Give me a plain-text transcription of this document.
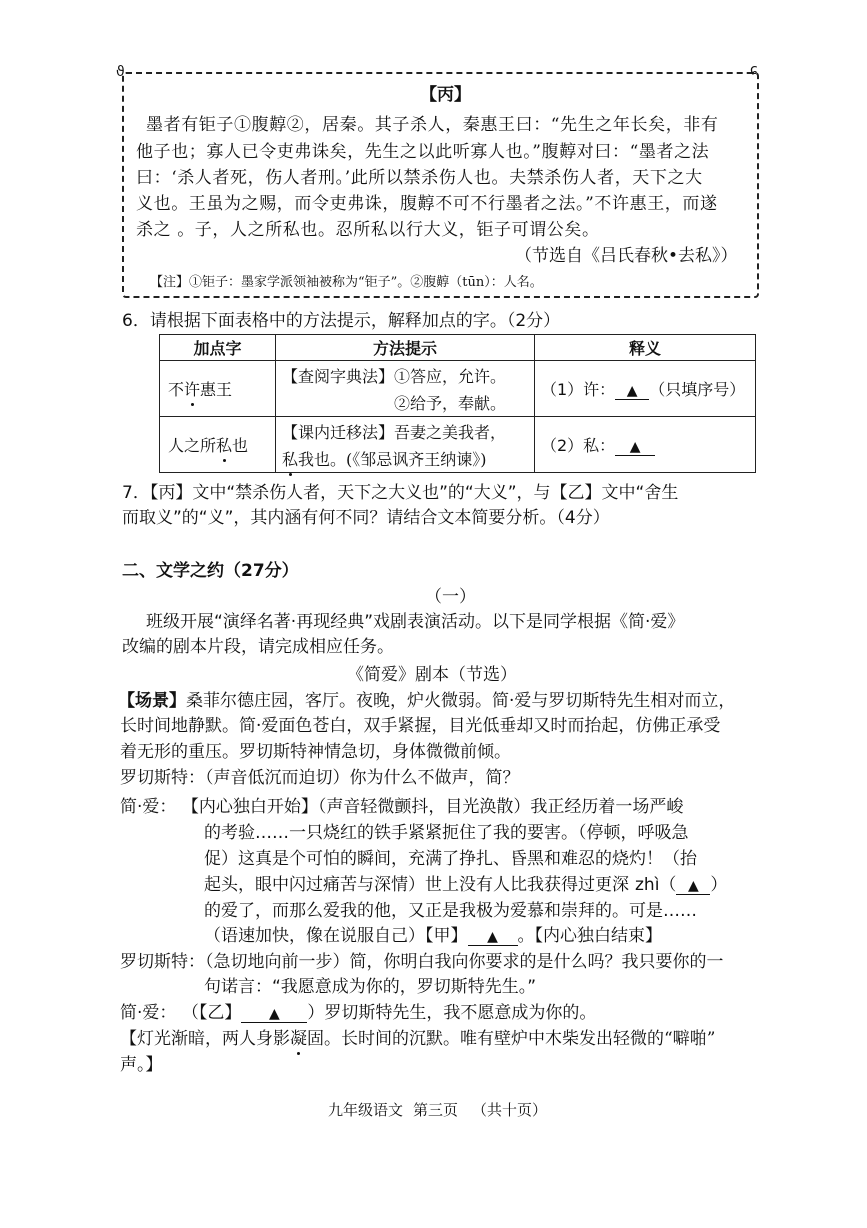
ϑ	ɕ
【丙】
墨者有钜子①腹䵍②，居秦。其子杀人，秦惠王曰：“先生之年长矣，非有
他子也；寡人已令吏弗诛矣，先生之以此听寡人也。”腹䵍对曰：“墨者之法
曰：‘杀人者死，伤人者刑。’此所以禁杀伤人也。夫禁杀伤人者，天下之大
义也。王虽为之赐，而令吏弗诛，腹䵍不可不行墨者之法。”不许惠王，而遂
杀之 。子，人之所私也。忍所私以行大义，钜子可谓公矣。
（节选自《吕氏春秋•去私》）
【注】①钜子：墨家学派领袖被称为“钜子”。②腹䵍（tūn）：人名。
6．请根据下面表格中的方法提示，解释加点的字。（2分）
加点字	方法提示	释义

不许惠王	【查阅字典法】①答应，允许。
②给予，奉献。	（1）许： ▲ （只填序号）

人之所私也	【课内迁移法】吾妻之美我者，
私我也。(《邹忌讽齐王纳谏》)	（2）私： ▲
7．【丙】文中“禁杀伤人者，天下之大义也”的“大义”，与【乙】文中“舍生
而取义”的“义”，其内涵有何不同？请结合文本简要分析。（4分）
二、文学之约（27分）
（一）
班级开展“演绎名著·再现经典”戏剧表演活动。以下是同学根据《简·爱》
改编的剧本片段，请完成相应任务。
《简爱》剧本（节选）
【场景】桑菲尔德庄园，客厅。夜晚，炉火微弱。简·爱与罗切斯特先生相对而立，
长时间地静默。简·爱面色苍白，双手紧握，目光低垂却又时而抬起，仿佛正承受
着无形的重压。罗切斯特神情急切，身体微微前倾。
罗切斯特：（声音低沉而迫切）你为什么不做声，简？
简·爱： 【内心独白开始】（声音轻微颤抖，目光涣散）我正经历着一场严峻
的考验……一只烧红的铁手紧紧扼住了我的要害。（停顿，呼吸急
促）这真是个可怕的瞬间，充满了挣扎、昏黑和难忍的烧灼！（抬
起头，眼中闪过痛苦与深情）世上没有人比我获得过更深 zhì（ ▲ ）
的爱了，而那么爱我的他，又正是我极为爱慕和崇拜的。可是……
（语速加快，像在说服自己）【甲】 ▲ 。【内心独白结束】
罗切斯特：（急切地向前一步）简，你明白我向你要求的是什么吗？我只要你的一
句诺言：“我愿意成为你的，罗切斯特先生。”
简·爱： （【乙】 ▲ ）罗切斯特先生，我不愿意成为你的。
【灯光渐暗，两人身影凝固。长时间的沉默。唯有壁炉中木柴发出轻微的“噼啪”
声。】
九年级语文 第三页 （共十页）
